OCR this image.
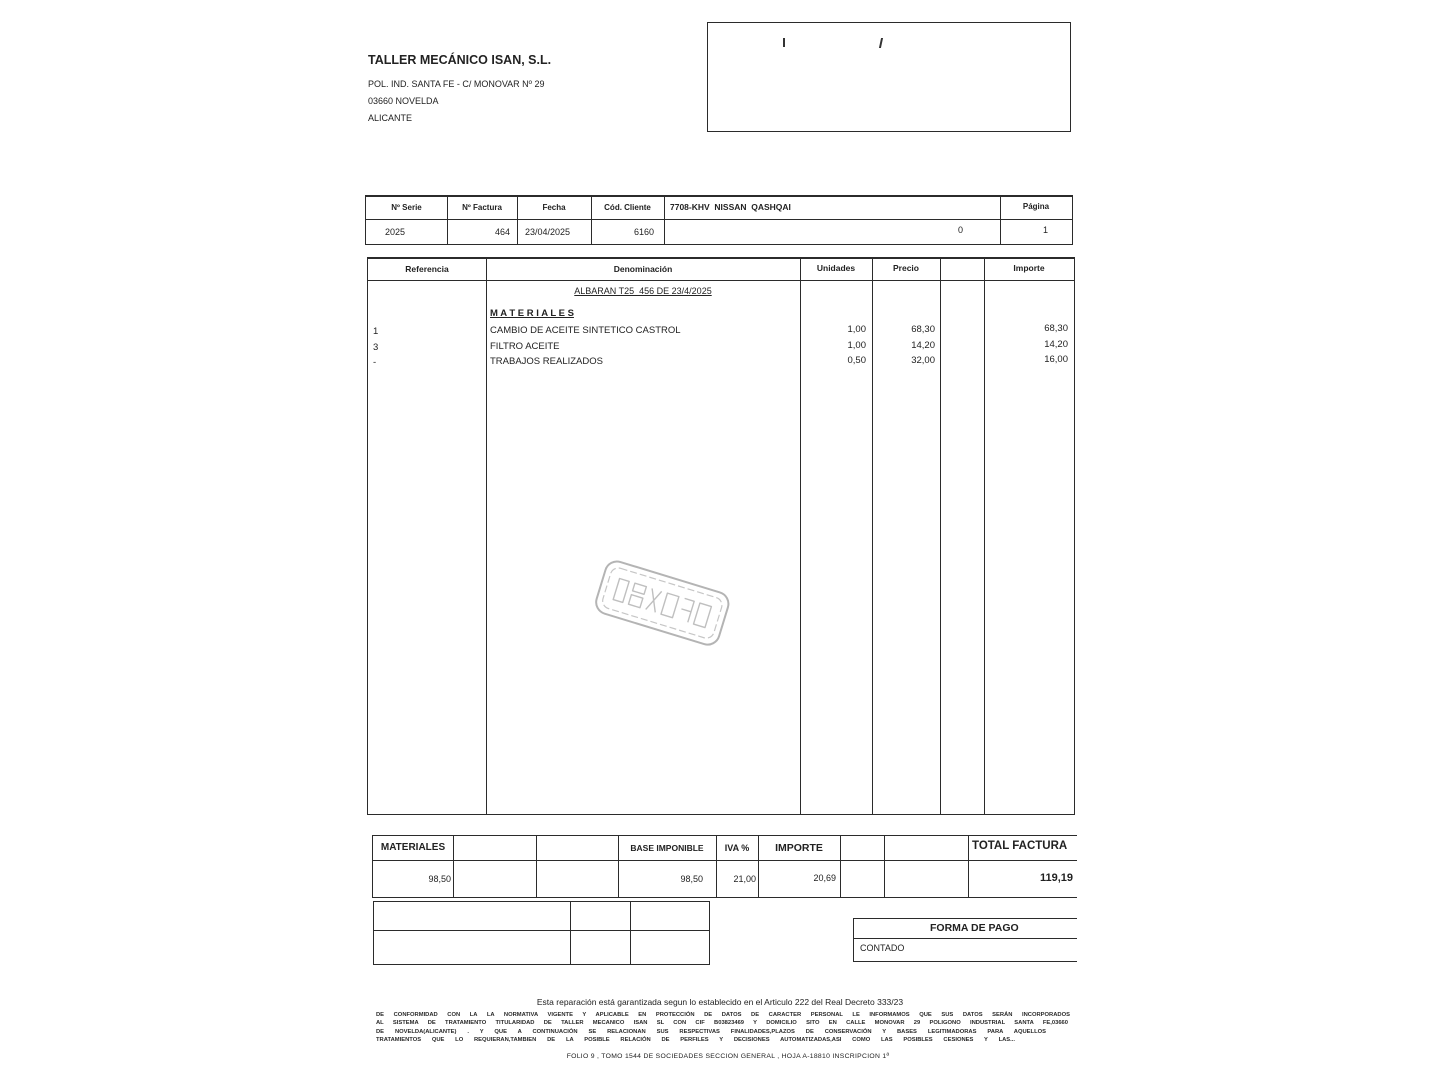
TALLER MECÁNICO ISAN, S.L.
POL. IND. SANTA FE - C/ MONOVAR Nº 29
03660 NOVELDA
ALICANTE
Nº Serie	Nº Factura	Fecha	Cód. Cliente	7708-KHV  NISSAN  QASHQAI	Página
2025	464	23/04/2025	6160	0	1
Referencia	Denominación	Unidades	Precio	Importe
ALBARAN T25  456 DE 23/4/2025
M A T E R I A L E S
1	CAMBIO DE ACEITE SINTETICO CASTROL	1,00	68,30	68,30
3	FILTRO ACEITE	1,00	14,20	14,20
-	TRABAJOS REALIZADOS	0,50	32,00	16,00
MATERIALES	BASE IMPONIBLE	IVA %	IMPORTE	TOTAL FACTURA
98,50	98,50	21,00	20,69	119,19
FORMA DE PAGO
CONTADO
Esta reparación está garantizada segun lo establecido en el Articulo 222 del Real Decreto 333/23
DE CONFORMIDAD CON LA LA NORMATIVA VIGENTE Y APLICABLE EN PROTECCIÓN DE DATOS DE CARACTER PERSONAL LE INFORMAMOS QUE SUS DATOS SERÁN INCORPORADOS
AL SISTEMA DE TRATAMIENTO TITULARIDAD DE TALLER MECANICO ISAN SL CON CIF B03823469 Y DOMICILIO SITO EN CALLE MONOVAR 29 POLIGONO INDUSTRIAL SANTA FE,03660
DE NOVELDA(ALICANTE) . Y QUE A CONTINUACIÓN SE RELACIONAN SUS RESPECTIVAS FINALIDADES,PLAZOS DE CONSERVACIÓN Y BASES LEGITIMADORAS PARA AQUELLOS
TRATAMIENTOS QUE LO REQUIERAN,TAMBIEN DE LA POSIBLE RELACIÓN DE PERFILES Y DECISIONES AUTOMATIZADAS,ASI COMO LAS POSIBLES CESIONES Y LAS...
FOLIO 9 , TOMO 1544 DE SOCIEDADES SECCION GENERAL , HOJA A-18810 INSCRIPCION 1ª
